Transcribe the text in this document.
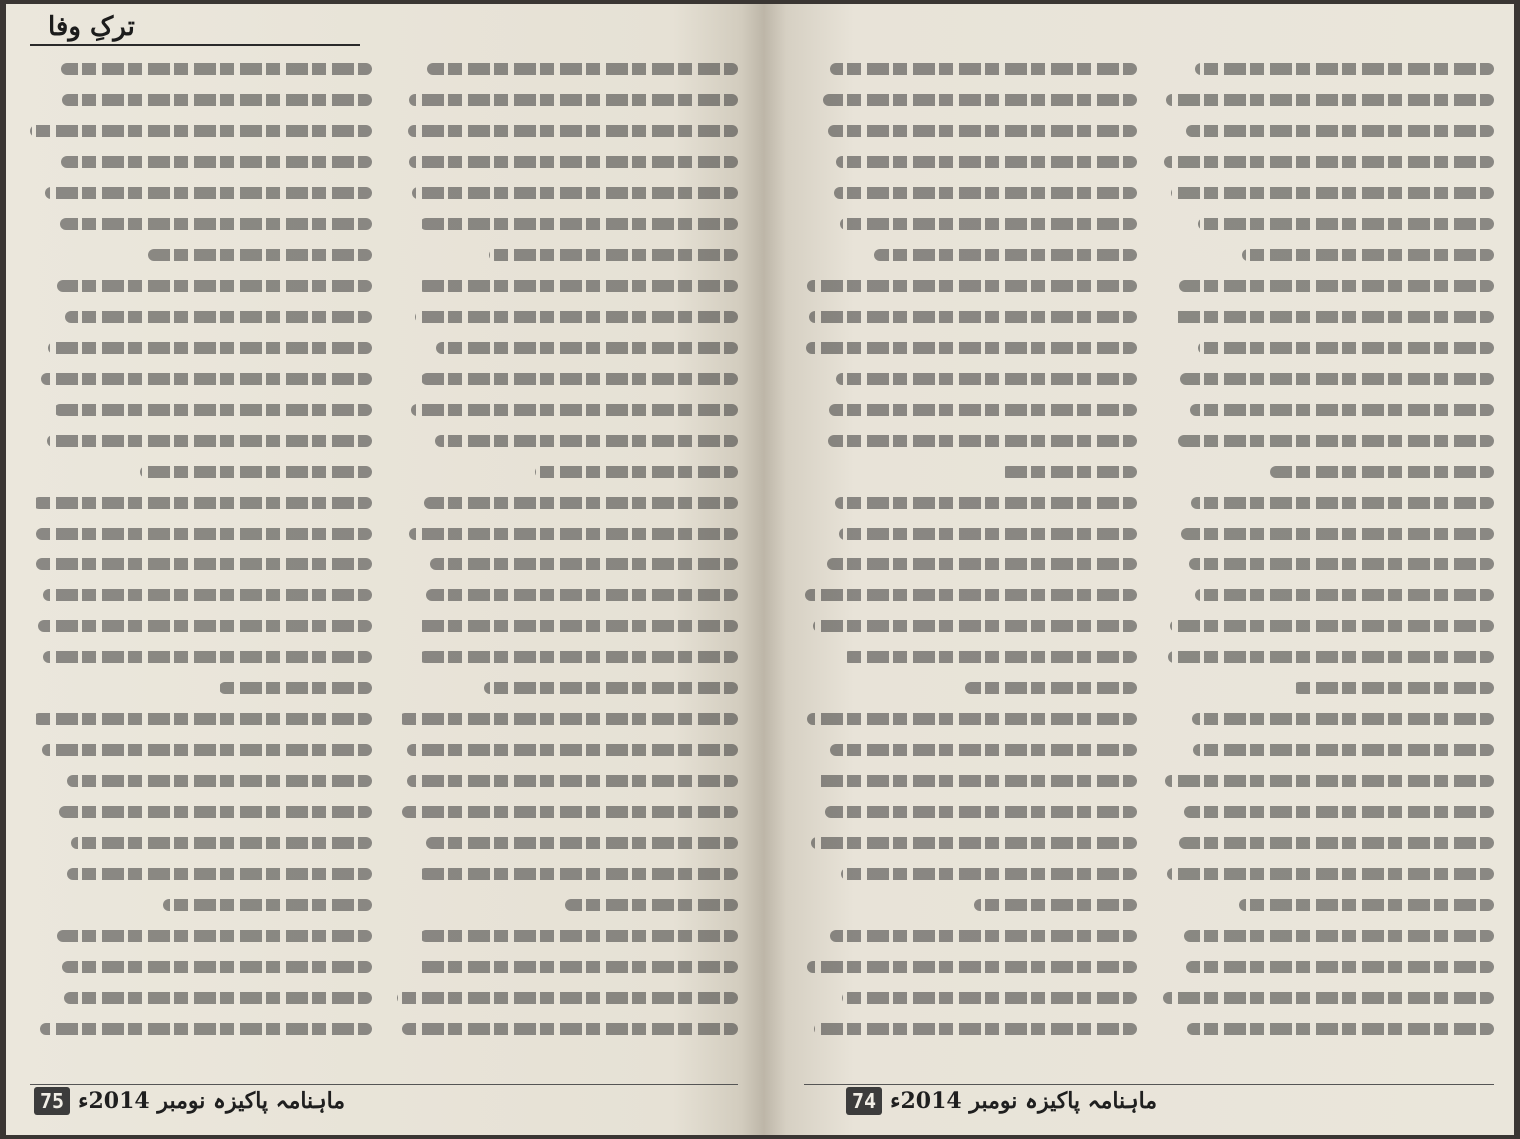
ترکِ وفا
ماہنامہ پاکیزہ نومبر 2014ء
75	ماہنامہ پاکیزہ نومبر 2014ء
74
